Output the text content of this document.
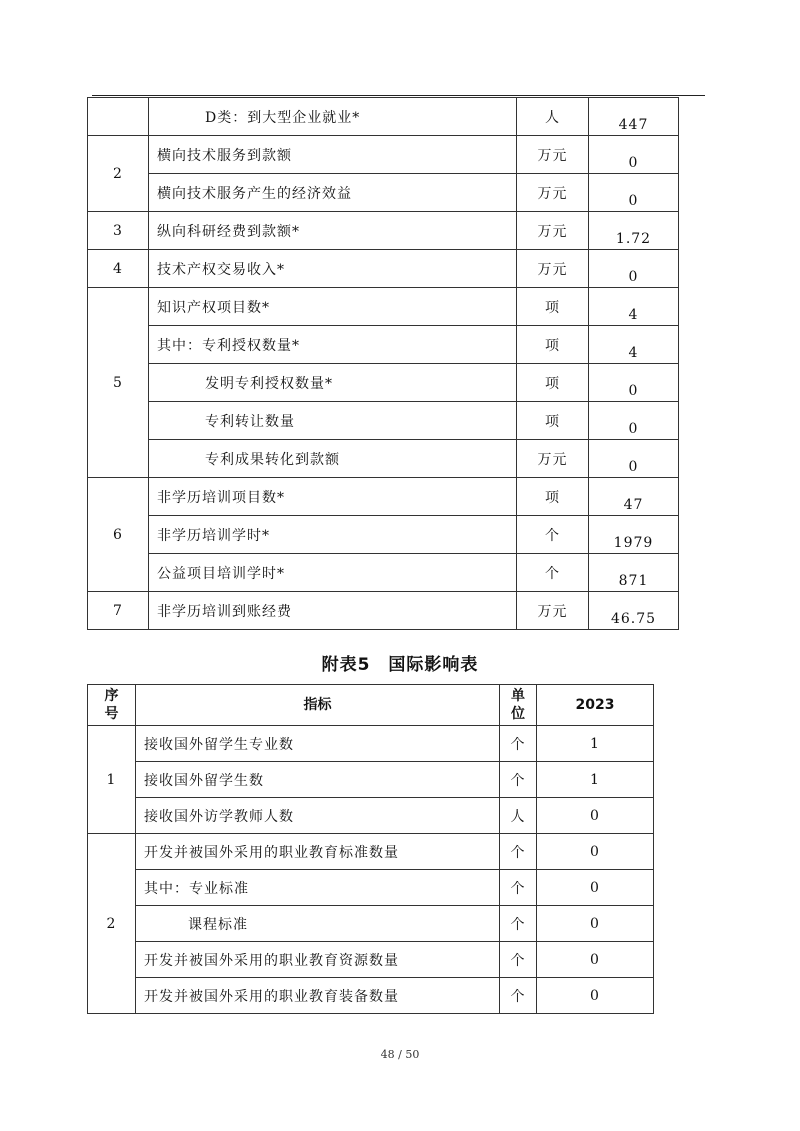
	D类：到大型企业就业*	人	447
2	横向技术服务到款额	万元	0
	横向技术服务产生的经济效益	万元	0
3	纵向科研经费到款额*	万元	1.72
4	技术产权交易收入*	万元	0
5	知识产权项目数*	项	4
	其中：专利授权数量*	项	4
	发明专利授权数量*	项	0
	专利转让数量	项	0
	专利成果转化到款额	万元	0
6	非学历培训项目数*	项	47
	非学历培训学时*	个	1979
	公益项目培训学时*	个	871
7	非学历培训到账经费	万元	46.75
附表5　国际影响表
序号	指标	单位	2023
1	接收国外留学生专业数	个	1
	接收国外留学生数	个	1
	接收国外访学教师人数	人	0
2	开发并被国外采用的职业教育标准数量	个	0
	其中：专业标准	个	0
	课程标准	个	0
	开发并被国外采用的职业教育资源数量	个	0
	开发并被国外采用的职业教育装备数量	个	0
48 / 50
